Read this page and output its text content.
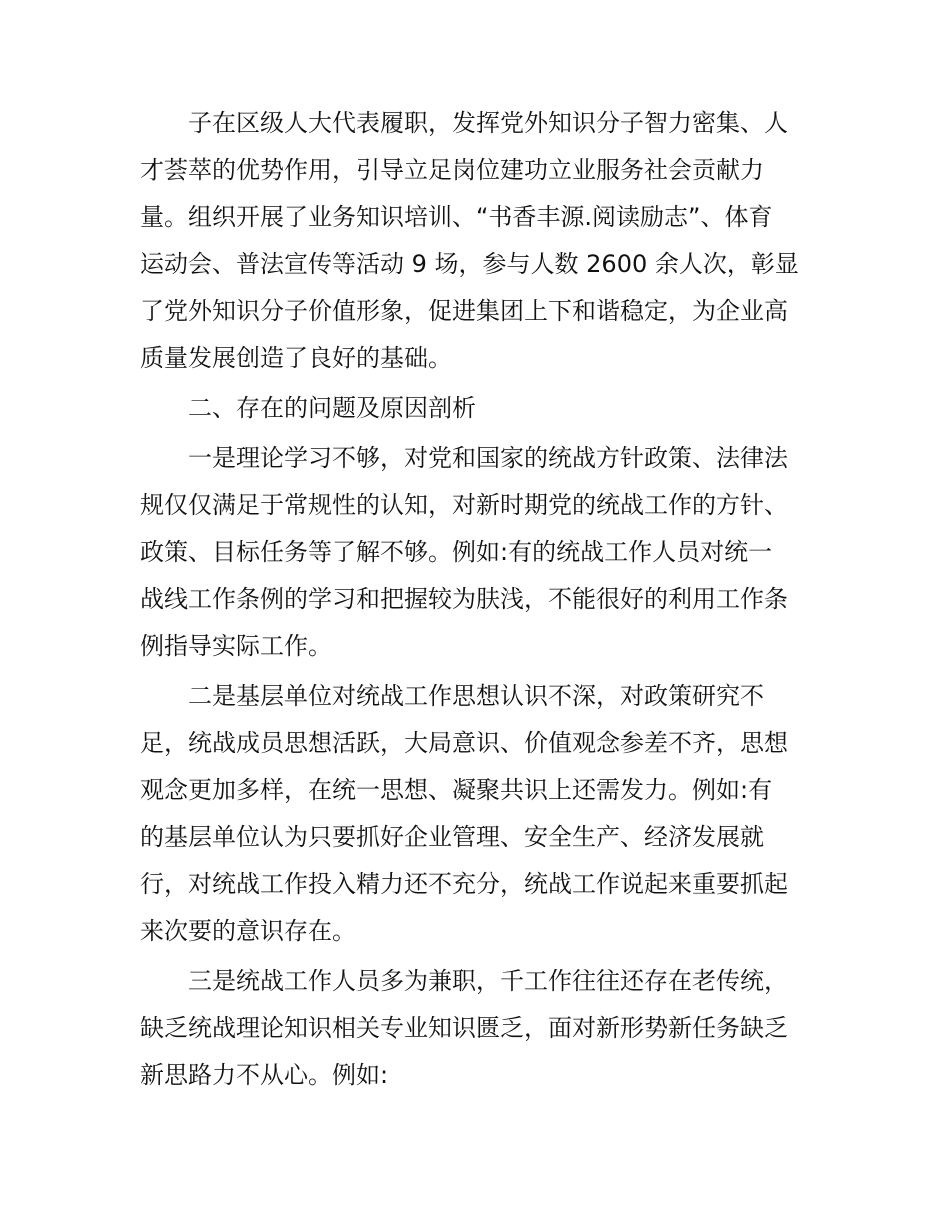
子在区级人大代表履职，发挥党外知识分子智力密集、人
才荟萃的优势作用，引导立足岗位建功立业服务社会贡献力
量。组织开展了业务知识培训、“书香丰源.阅读励志”、体育
运动会、普法宣传等活动 9 场，参与人数 2600 余人次，彰显
了党外知识分子价值形象，促进集团上下和谐稳定，为企业高
质量发展创造了良好的基础。
二、存在的问题及原因剖析
一是理论学习不够，对党和国家的统战方针政策、法律法
规仅仅满足于常规性的认知，对新时期党的统战工作的方针、
政策、目标任务等了解不够。例如:有的统战工作人员对统一
战线工作条例的学习和把握较为肤浅，不能很好的利用工作条
例指导实际工作。
二是基层单位对统战工作思想认识不深，对政策研究不
足，统战成员思想活跃，大局意识、价值观念参差不齐，思想
观念更加多样，在统一思想、凝聚共识上还需发力。例如:有
的基层单位认为只要抓好企业管理、安全生产、经济发展就
行，对统战工作投入精力还不充分，统战工作说起来重要抓起
来次要的意识存在。
三是统战工作人员多为兼职，千工作往往还存在老传统，
缺乏统战理论知识相关专业知识匮乏，面对新形势新任务缺乏
新思路力不从心。例如:
